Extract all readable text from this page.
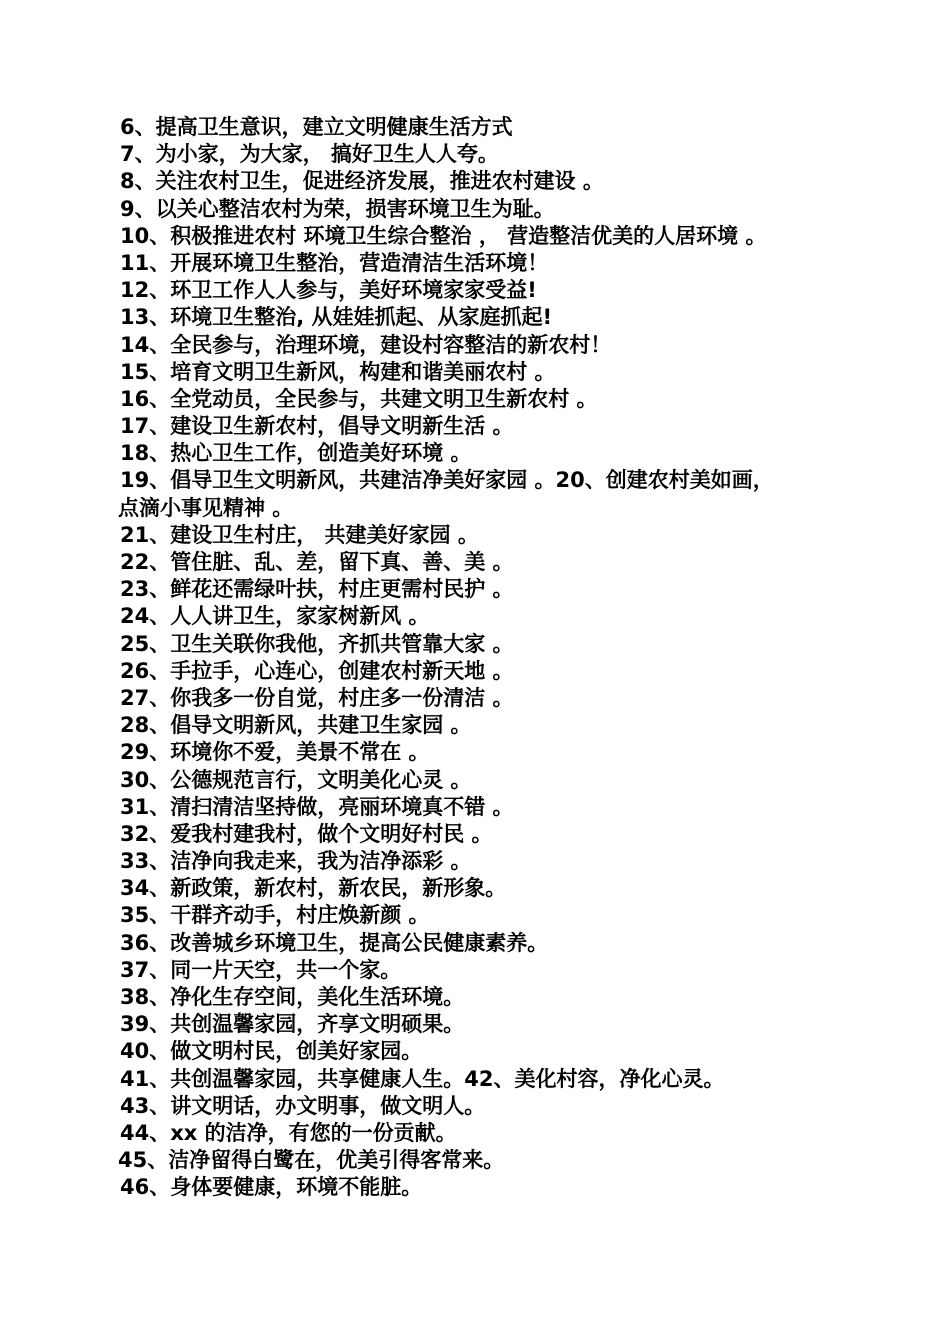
6、提高卫生意识，建立文明健康生活方式
7、为小家，为大家， 搞好卫生人人夸。
8、关注农村卫生，促进经济发展，推进农村建设 。
9、以关心整洁农村为荣，损害环境卫生为耻。
10、积极推进农村 环境卫生综合整治 ， 营造整洁优美的人居环境 。
11、开展环境卫生整治，营造清洁生活环境！
12、环卫工作人人参与，美好环境家家受益!
13、环境卫生整治, 从娃娃抓起、从家庭抓起!
14、全民参与，治理环境，建设村容整洁的新农村！
15、培育文明卫生新风，构建和谐美丽农村 。
16、全党动员，全民参与，共建文明卫生新农村 。
17、建设卫生新农村，倡导文明新生活 。
18、热心卫生工作，创造美好环境 。
19、倡导卫生文明新风，共建洁净美好家园 。20、创建农村美如画，
点滴小事见精神 。
21、建设卫生村庄， 共建美好家园 。
22、管住脏、乱、差，留下真、善、美 。
23、鲜花还需绿叶扶，村庄更需村民护 。
24、人人讲卫生，家家树新风 。
25、卫生关联你我他，齐抓共管靠大家 。
26、手拉手，心连心，创建农村新天地 。
27、你我多一份自觉，村庄多一份清洁 。
28、倡导文明新风，共建卫生家园 。
29、环境你不爱，美景不常在 。
30、公德规范言行，文明美化心灵 。
31、清扫清洁坚持做，亮丽环境真不错 。
32、爱我村建我村，做个文明好村民 。
33、洁净向我走来，我为洁净添彩 。
34、新政策，新农村，新农民，新形象。
35、干群齐动手，村庄焕新颜 。
36、改善城乡环境卫生，提高公民健康素养。
37、同一片天空，共一个家。
38、净化生存空间，美化生活环境。
39、共创温馨家园，齐享文明硕果。
40、做文明村民，创美好家园。
41、共创温馨家园，共享健康人生。42、美化村容，净化心灵。
43、讲文明话，办文明事，做文明人。
44、xx 的洁净，有您的一份贡献。
45、洁净留得白鹭在，优美引得客常来。
46、身体要健康，环境不能脏。
